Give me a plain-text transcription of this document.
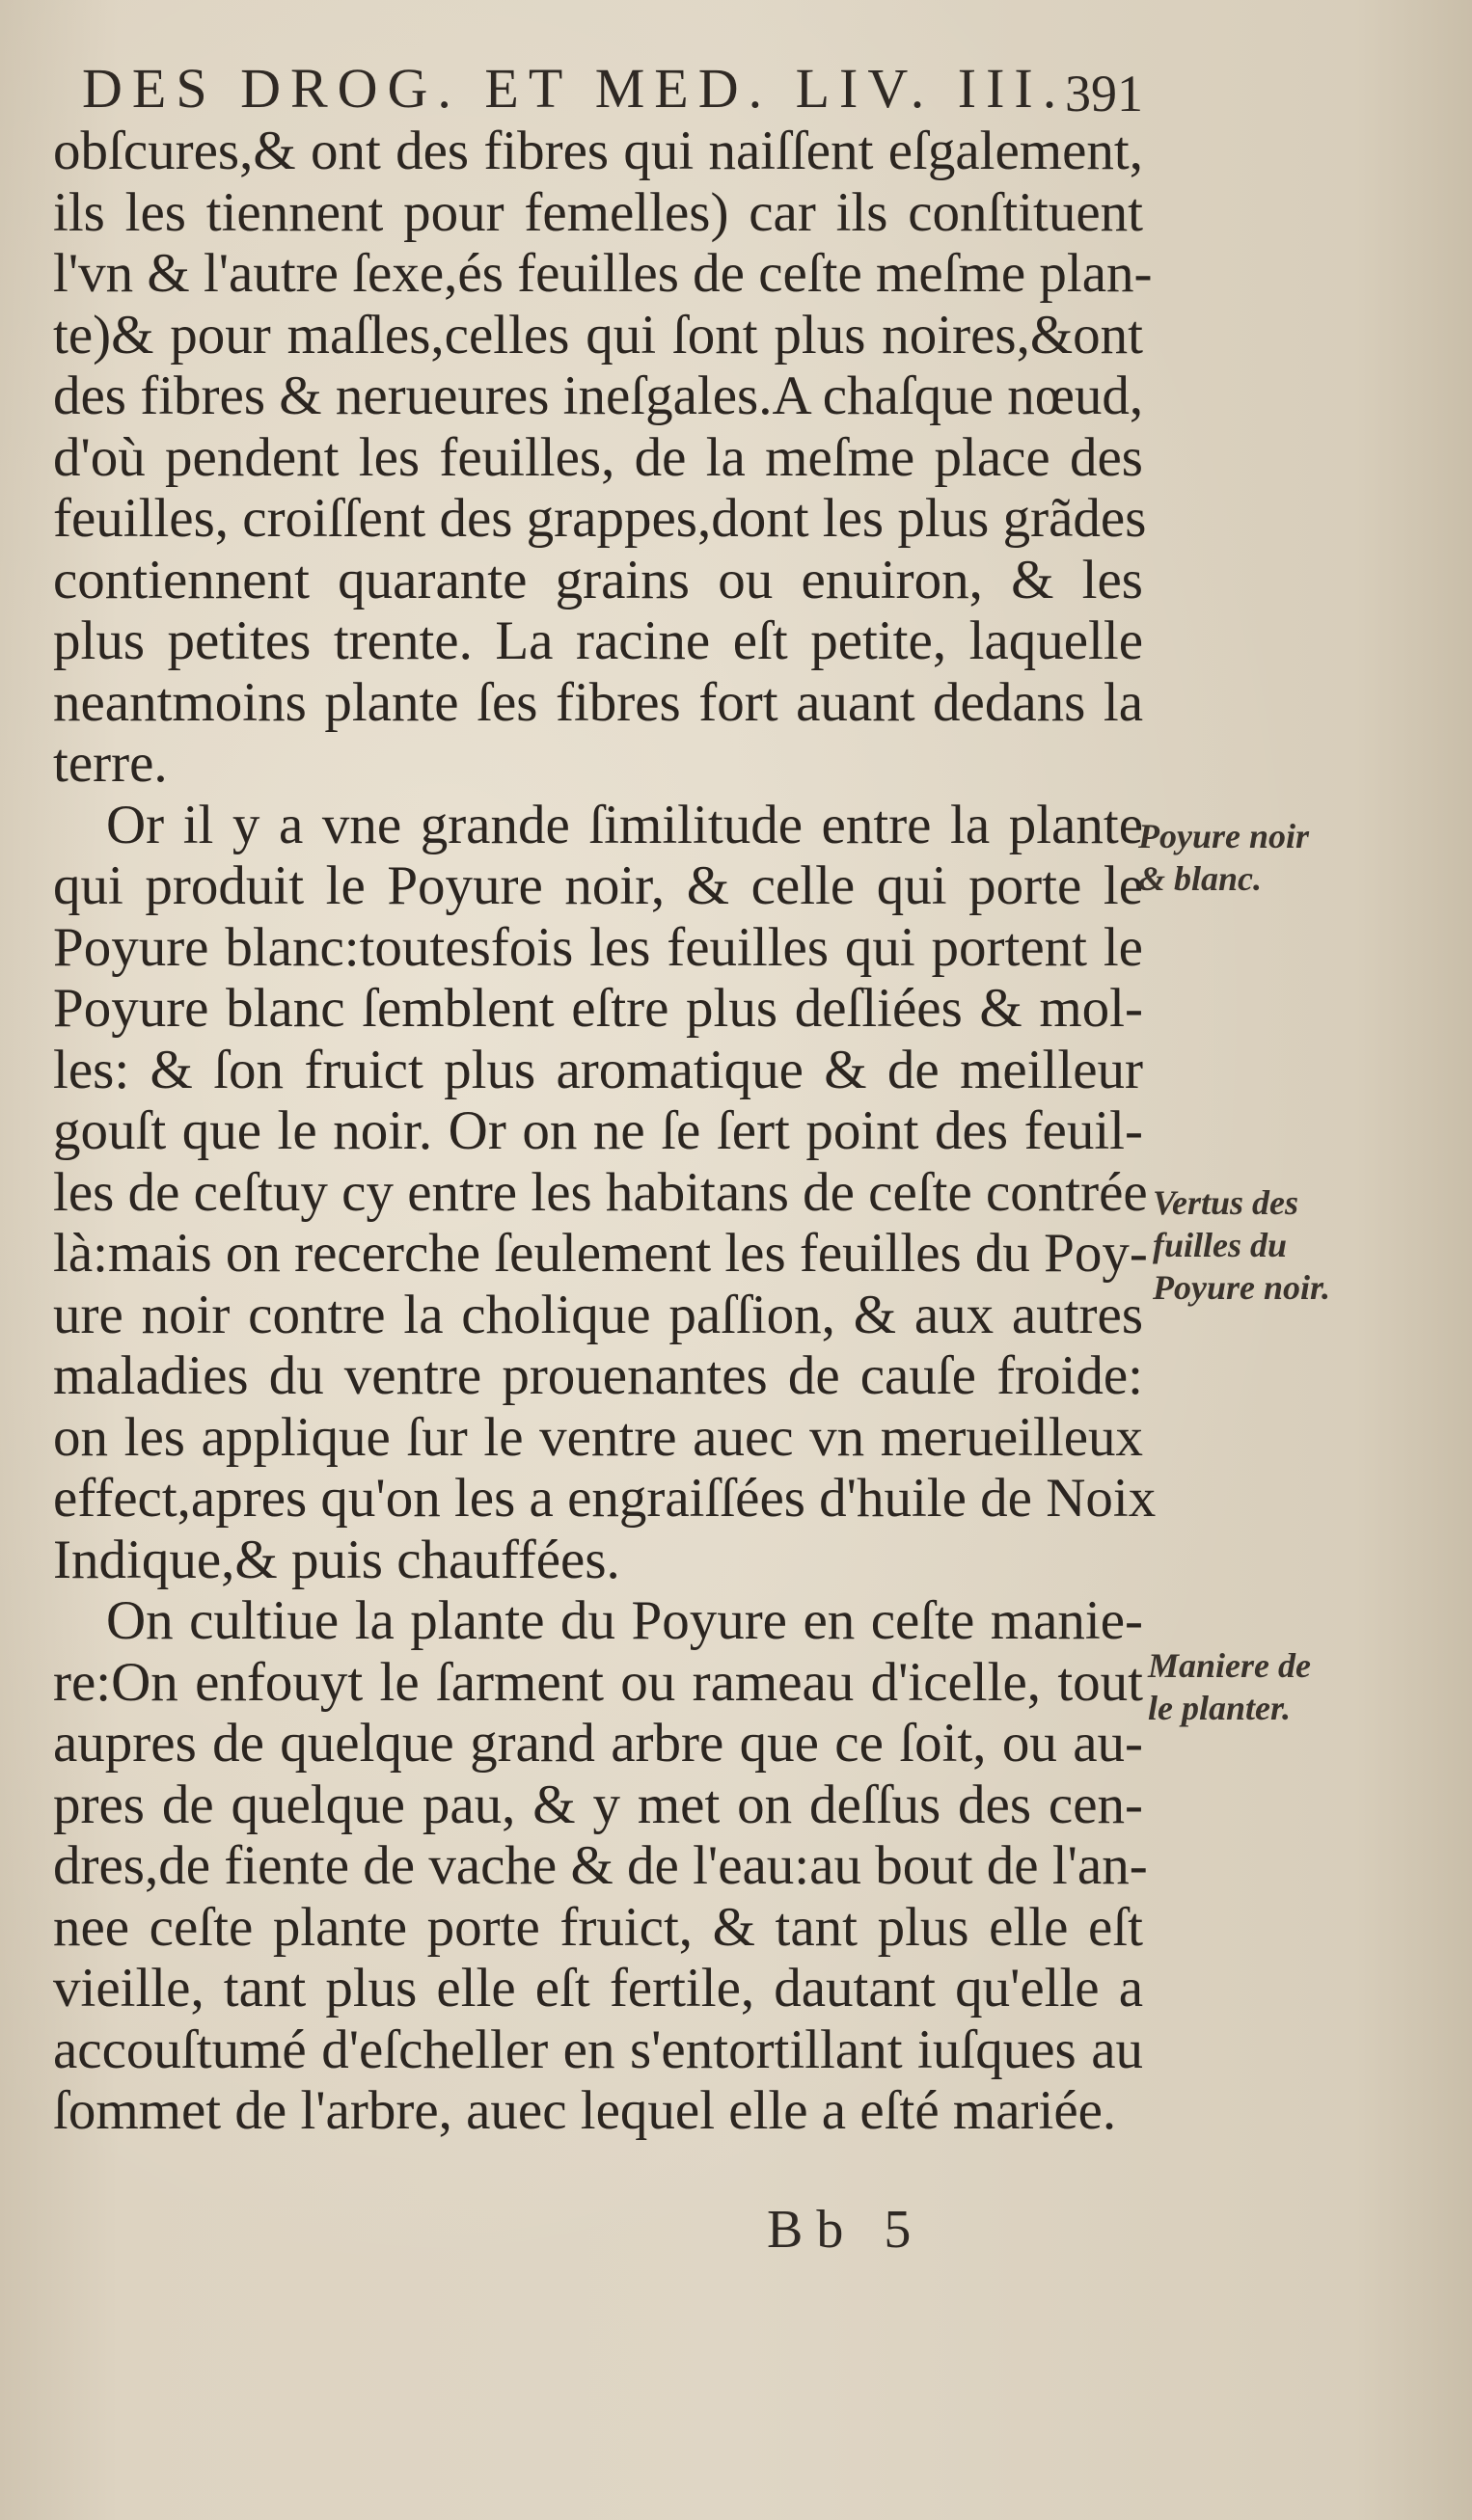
DES DROG. ET MED. LIV. III.
391
obſcures,& ont des fibres qui naiſſent eſgalement,
ils les tiennent pour femelles) car ils conſtituent
l'vn & l'autre ſexe,és feuilles de ceſte meſme plan-
te)& pour maſles,celles qui ſont plus noires,&ont
des fibres & nerueures ineſgales.A chaſque nœud,
d'où pendent les feuilles, de la meſme place des
feuilles, croiſſent des grappes,dont les plus grãdes
contiennent quarante grains ou enuiron, & les
plus petites trente. La racine eſt petite, laquelle
neantmoins plante ſes fibres fort auant dedans la
terre.
Or il y a vne grande ſimilitude entre la plante
qui produit le Poyure noir, & celle qui porte le
Poyure blanc:toutesfois les feuilles qui portent le
Poyure blanc ſemblent eſtre plus deſliées & mol-
les: & ſon fruict plus aromatique & de meilleur
gouſt que le noir. Or on ne ſe ſert point des feuil-
les de ceſtuy cy entre les habitans de ceſte contrée
là:mais on recerche ſeulement les feuilles du Poy-
ure noir contre la cholique paſſion, & aux autres
maladies du ventre prouenantes de cauſe froide:
on les applique ſur le ventre auec vn merueilleux
effect,apres qu'on les a engraiſſées d'huile de Noix
Indique,& puis chauffées.
On cultiue la plante du Poyure en ceſte manie-
re:On enfouyt le ſarment ou rameau d'icelle, tout
aupres de quelque grand arbre que ce ſoit, ou au-
pres de quelque pau, & y met on deſſus des cen-
dres,de fiente de vache & de l'eau:au bout de l'an-
nee ceſte plante porte fruict, & tant plus elle eſt
vieille, tant plus elle eſt fertile, dautant qu'elle a
accouſtumé d'eſcheller en s'entortillant iuſques au
ſommet de l'arbre, auec lequel elle a eſté mariée.
Poyure noir
& blanc.
Vertus des
fuilles du
Poyure noir.
Maniere de
le planter.
Bb 5
